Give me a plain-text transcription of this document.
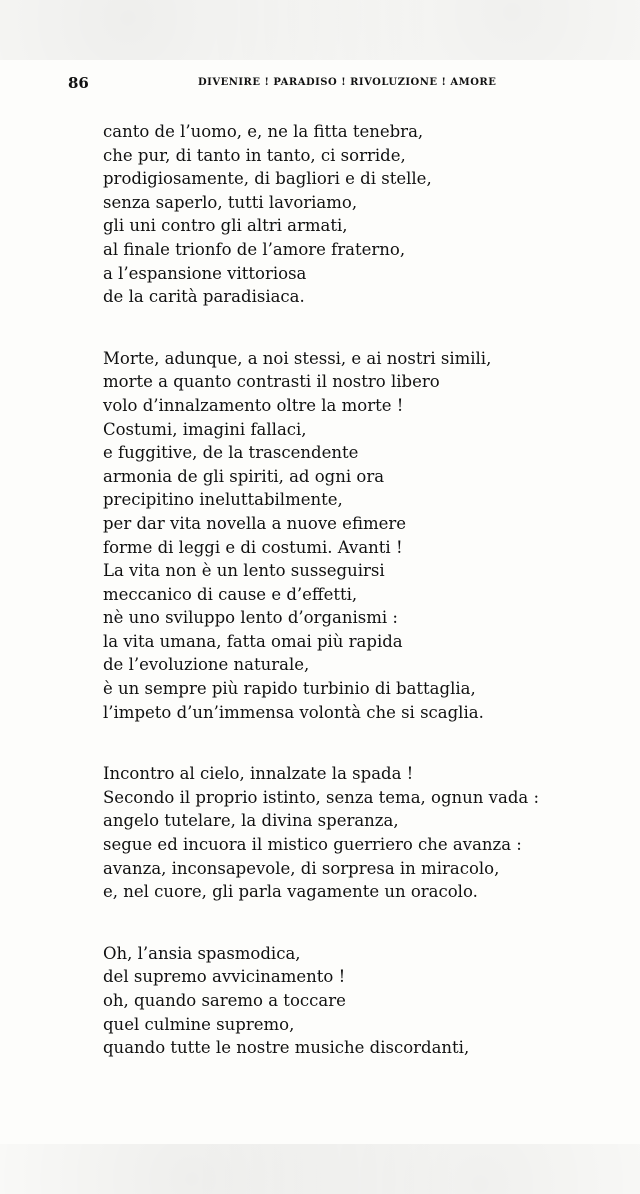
86	DIVENIRE ! PARADISO ! RIVOLUZIONE ! AMORE
canto de l’uomo, e, ne la fitta tenebra,
che pur, di tanto in tanto, ci sorride,
prodigiosamente, di bagliori e di stelle,
senza saperlo, tutti lavoriamo,
gli uni contro gli altri armati,
al finale trionfo de l’amore fraterno,
a l’espansione vittoriosa
de la carità paradisiaca.
Morte, adunque, a noi stessi, e ai nostri simili,
morte a quanto contrasti il nostro libero
volo d’innalzamento oltre la morte !
Costumi, imagini fallaci,
e fuggitive, de la trascendente
armonia de gli spiriti, ad ogni ora
precipitino ineluttabilmente,
per dar vita novella a nuove efimere
forme di leggi e di costumi. Avanti !
La vita non è un lento susseguirsi
meccanico di cause e d’effetti,
nè uno sviluppo lento d’organismi :
la vita umana, fatta omai più rapida
de l’evoluzione naturale,
è un sempre più rapido turbinio di battaglia,
l’impeto d’un’immensa volontà che si scaglia.
Incontro al cielo, innalzate la spada !
Secondo il proprio istinto, senza tema, ognun vada :
angelo tutelare, la divina speranza,
segue ed incuora il mistico guerriero che avanza :
avanza, inconsapevole, di sorpresa in miracolo,
e, nel cuore, gli parla vagamente un oracolo.
Oh, l’ansia spasmodica,
del supremo avvicinamento !
oh, quando saremo a toccare
quel culmine supremo,
quando tutte le nostre musiche discordanti,
